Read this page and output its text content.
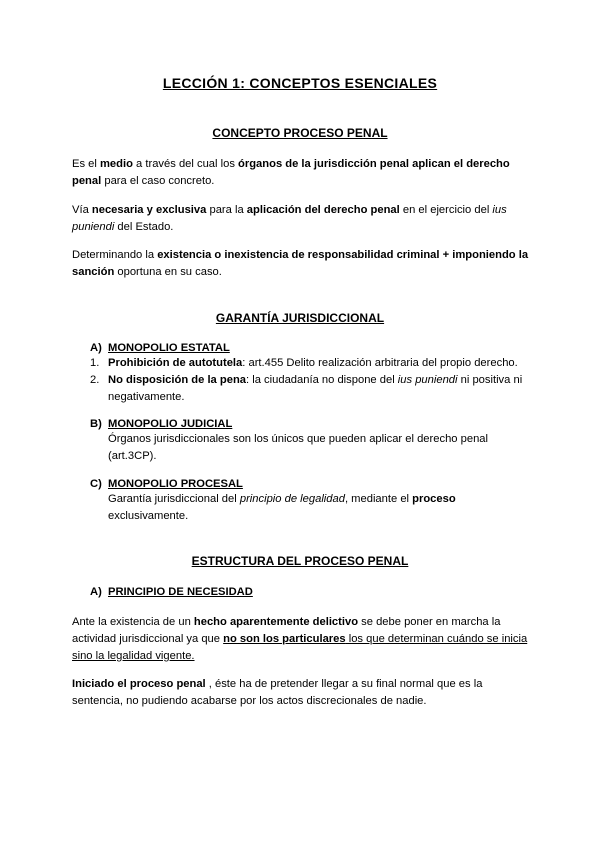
LECCIÓN 1: CONCEPTOS ESENCIALES
CONCEPTO PROCESO PENAL
Es el medio a través del cual los órganos de la jurisdicción penal aplican el derecho
penal para el caso concreto.
Vía necesaria y exclusiva para la aplicación del derecho penal en el ejercicio del ius
puniendi del Estado.
Determinando la existencia o inexistencia de responsabilidad criminal + imponiendo la
sanción oportuna en su caso.
GARANTÍA JURISDICCIONAL
A) MONOPOLIO ESTATAL
1. Prohibición de autotutela: art.455 Delito realización arbitraria del propio derecho.
2. No disposición de la pena: la ciudadanía no dispone del ius puniendi ni positiva ni
negativamente.
B) MONOPOLIO JUDICIAL
Órganos jurisdiccionales son los únicos que pueden aplicar el derecho penal
(art.3CP).
C) MONOPOLIO PROCESAL
Garantía jurisdiccional del principio de legalidad, mediante el proceso
exclusivamente.
ESTRUCTURA DEL PROCESO PENAL
A) PRINCIPIO DE NECESIDAD
Ante la existencia de un hecho aparentemente delictivo se debe poner en marcha la
actividad jurisdiccional ya que no son los particulares los que determinan cuándo se inicia
sino la legalidad vigente.
Iniciado el proceso penal , éste ha de pretender llegar a su final normal que es la
sentencia, no pudiendo acabarse por los actos discrecionales de nadie.
